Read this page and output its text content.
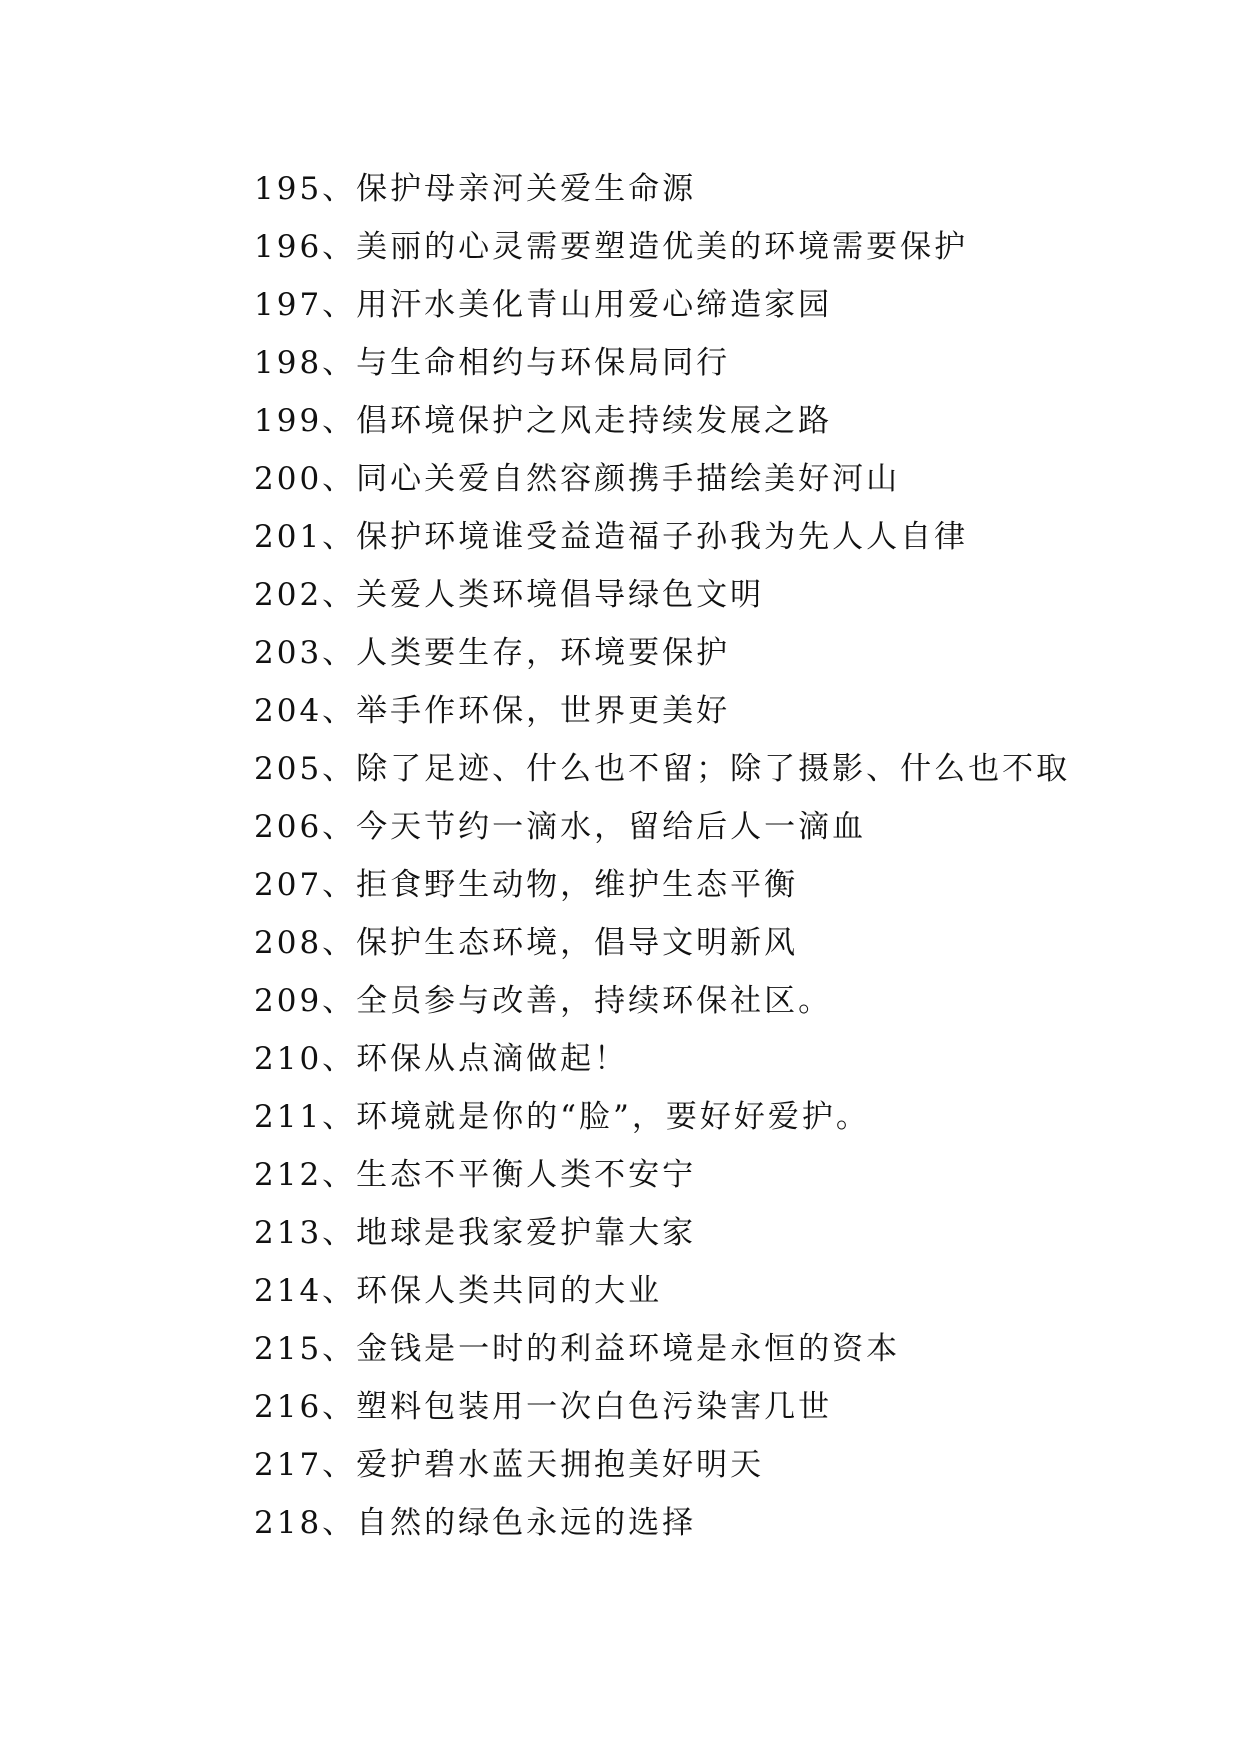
195、保护母亲河关爱生命源
196、美丽的心灵需要塑造优美的环境需要保护
197、用汗水美化青山用爱心缔造家园
198、与生命相约与环保局同行
199、倡环境保护之风走持续发展之路
200、同心关爱自然容颜携手描绘美好河山
201、保护环境谁受益造福子孙我为先人人自律
202、关爱人类环境倡导绿色文明
203、人类要生存，环境要保护
204、举手作环保，世界更美好
205、除了足迹、什么也不留；除了摄影、什么也不取
206、今天节约一滴水，留给后人一滴血
207、拒食野生动物，维护生态平衡
208、保护生态环境，倡导文明新风
209、全员参与改善，持续环保社区。
210、环保从点滴做起！
211、环境就是你的“脸”，要好好爱护。
212、生态不平衡人类不安宁
213、地球是我家爱护靠大家
214、环保人类共同的大业
215、金钱是一时的利益环境是永恒的资本
216、塑料包装用一次白色污染害几世
217、爱护碧水蓝天拥抱美好明天
218、自然的绿色永远的选择
